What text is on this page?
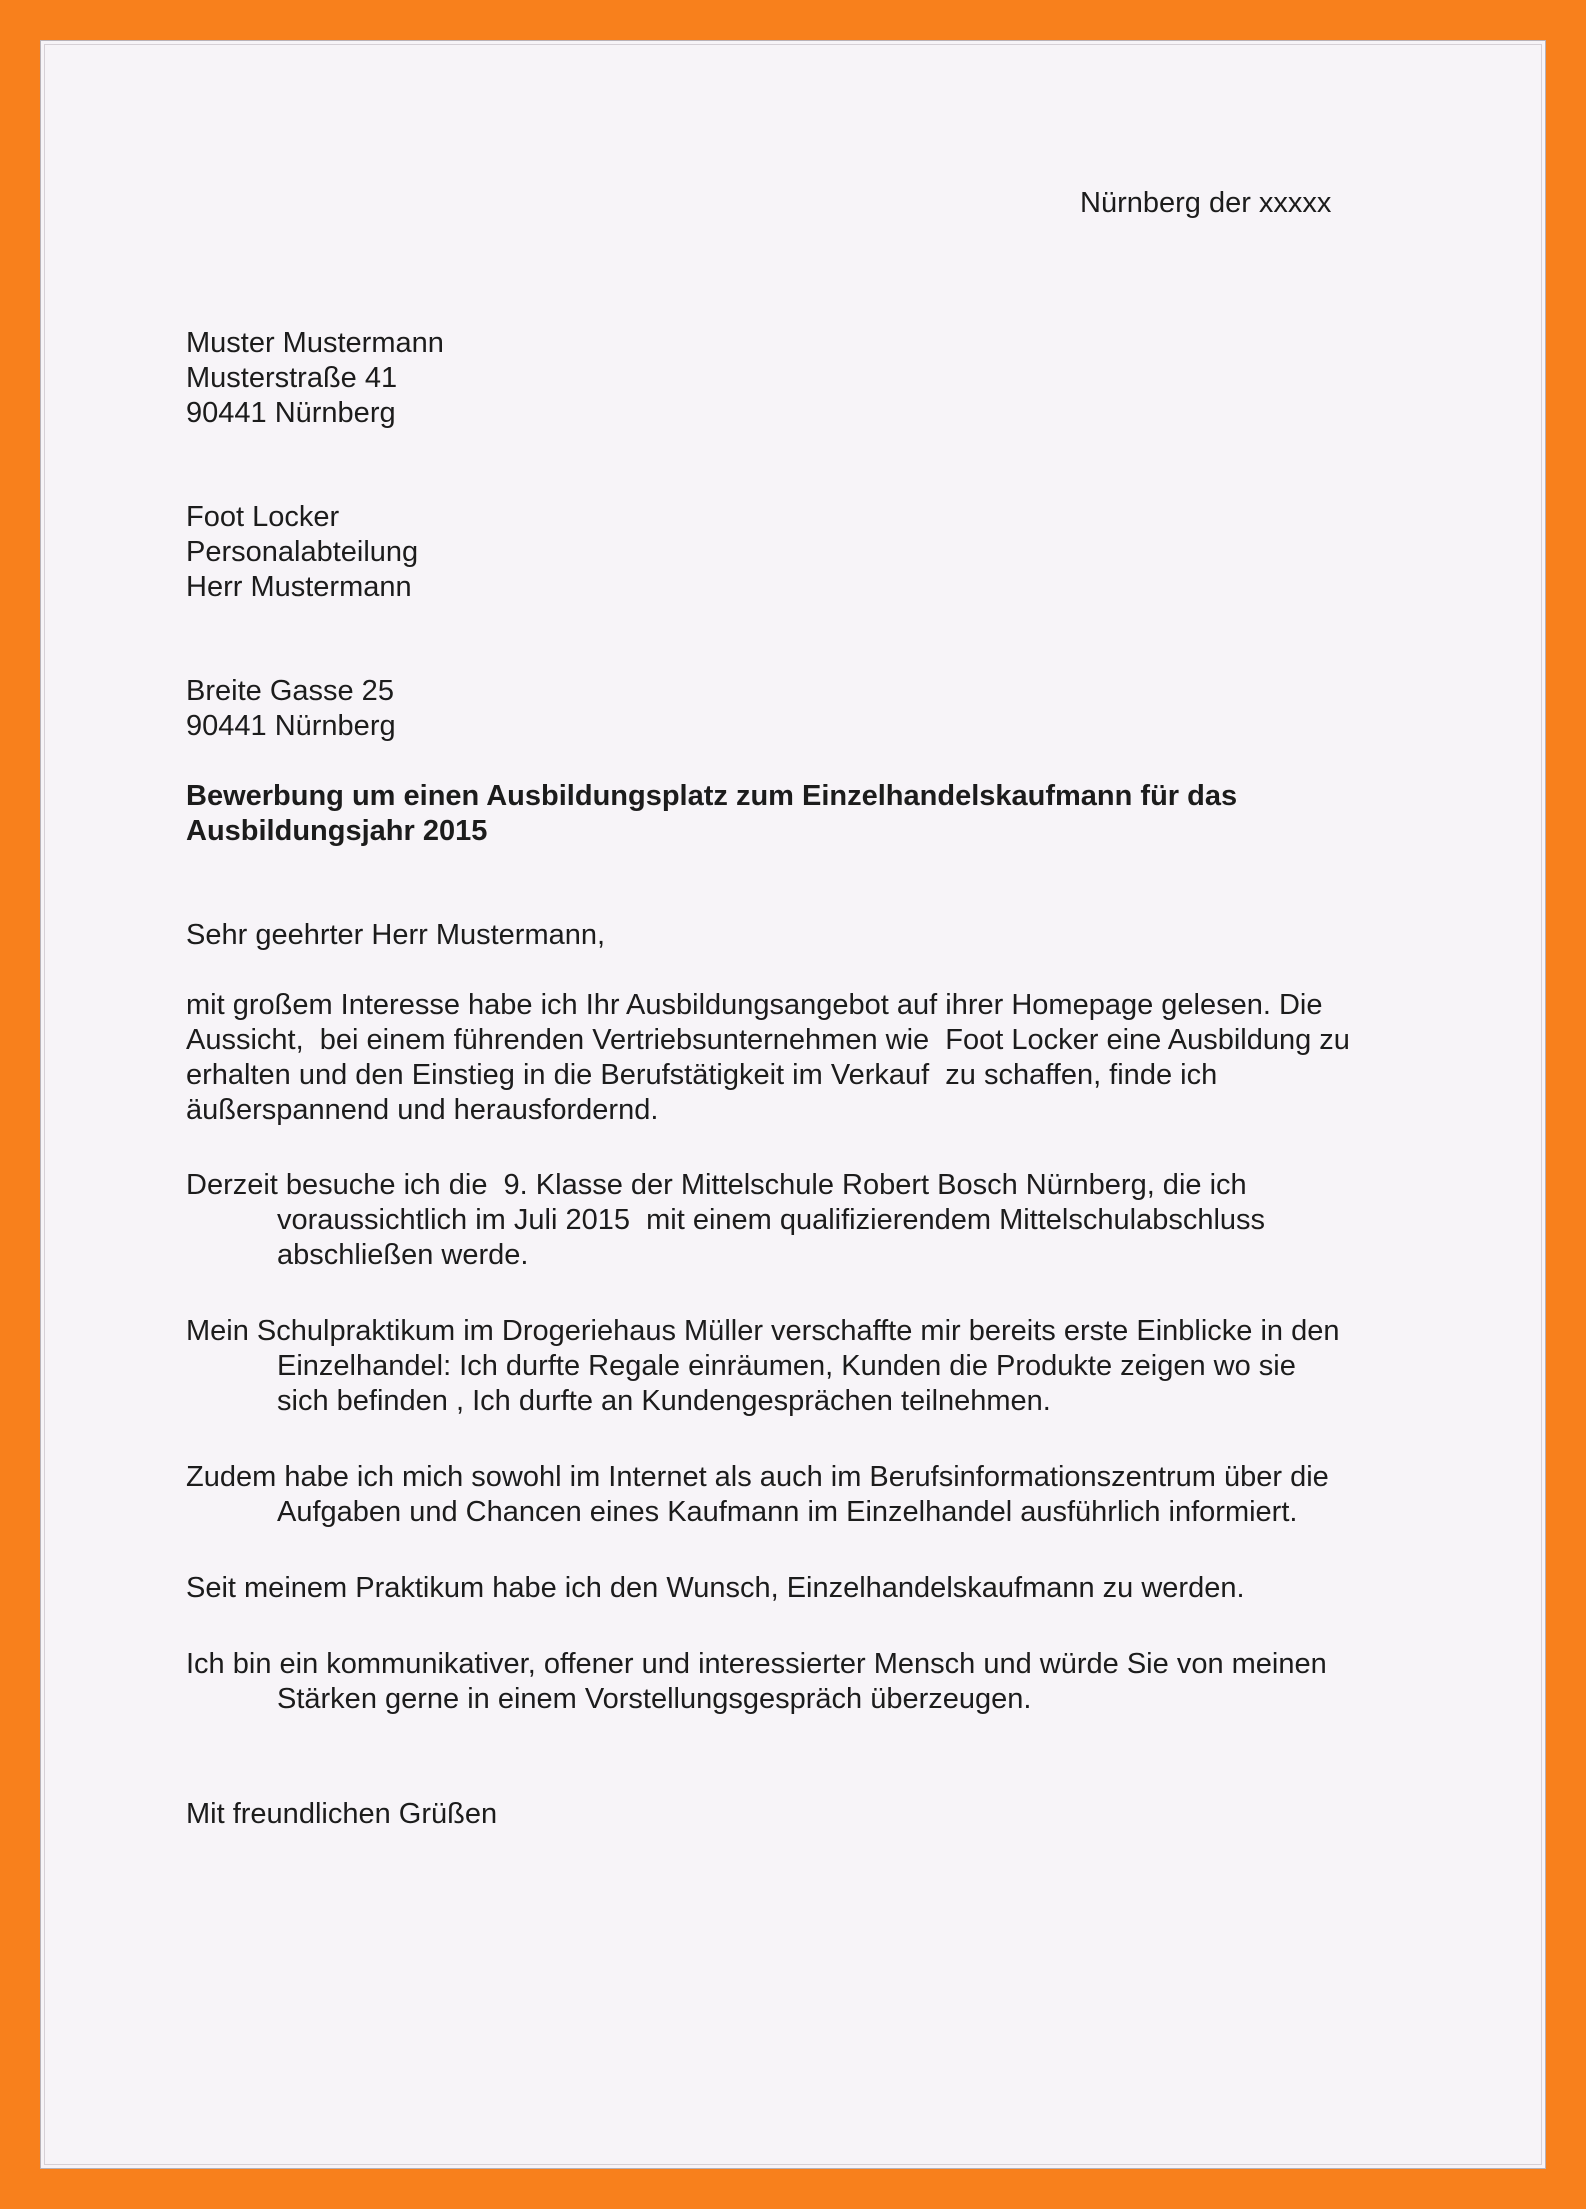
Nürnberg der xxxxx

Muster Mustermann

Musterstraße 41

90441 Nürnberg

Foot Locker

Personalabteilung

Herr Mustermann

Breite Gasse 25

90441 Nürnberg

Bewerbung um einen Ausbildungsplatz zum Einzelhandelskaufmann für das

Ausbildungsjahr 2015

Sehr geehrter Herr Mustermann,

mit großem Interesse habe ich Ihr Ausbildungsangebot auf ihrer Homepage gelesen. Die

Aussicht,  bei einem führenden Vertriebsunternehmen wie  Foot Locker eine Ausbildung zu

erhalten und den Einstieg in die Berufstätigkeit im Verkauf  zu schaffen, finde ich

äußerspannend und herausfordernd.

Derzeit besuche ich die  9. Klasse der Mittelschule Robert Bosch Nürnberg, die ich

voraussichtlich im Juli 2015  mit einem qualifizierendem Mittelschulabschluss

abschließen werde.

Mein Schulpraktikum im Drogeriehaus Müller verschaffte mir bereits erste Einblicke in den

Einzelhandel: Ich durfte Regale einräumen, Kunden die Produkte zeigen wo sie

sich befinden , Ich durfte an Kundengesprächen teilnehmen.

Zudem habe ich mich sowohl im Internet als auch im Berufsinformationszentrum über die

Aufgaben und Chancen eines Kaufmann im Einzelhandel ausführlich informiert.

Seit meinem Praktikum habe ich den Wunsch, Einzelhandelskaufmann zu werden.

Ich bin ein kommunikativer, offener und interessierter Mensch und würde Sie von meinen

Stärken gerne in einem Vorstellungsgespräch überzeugen.

Mit freundlichen Grüßen
